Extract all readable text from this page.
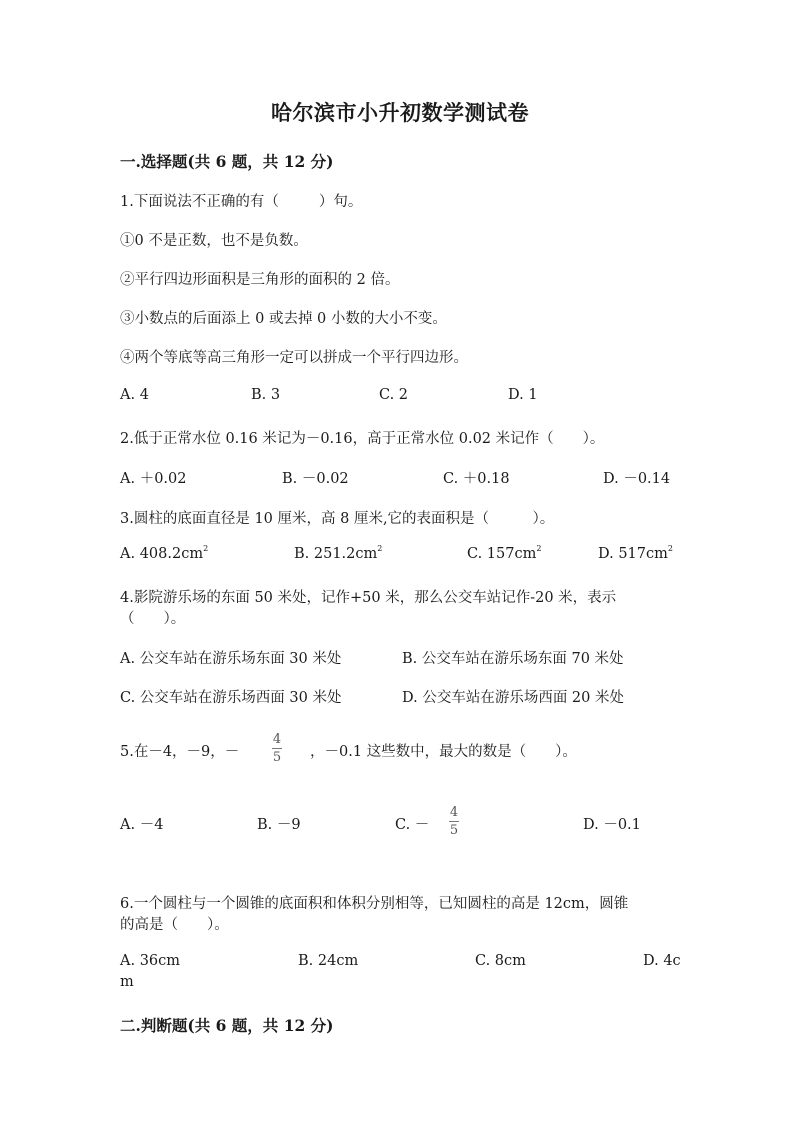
哈尔滨市小升初数学测试卷
一.选择题(共 6 题，共 12 分)
1.下面说法不正确的有（	）句。
①0 不是正数，也不是负数。
②平行四边形面积是三角形的面积的 2 倍。
③小数点的后面添上 0 或去掉 0 小数的大小不变。
④两个等底等高三角形一定可以拼成一个平行四边形。
A. 4	B. 3	C. 2	D. 1
2.低于正常水位 0.16 米记为－0.16，高于正常水位 0.02 米记作（　　）。
A. ＋0.02	B. －0.02	C. ＋0.18	D. －0.14
3.圆柱的底面直径是 10 厘米，高 8 厘米,它的表面积是（　　　）。
A. $408.2cm^2$	B. $251.2cm^2$	C. $157cm^2$	D. $517cm^2$
4.影院游乐场的东面 50 米处，记作+50 米，那么公交车站记作-20 米，表示
（　　）。
A. 公交车站在游乐场东面 30 米处	B. 公交车站在游乐场东面 70 米处
C. 公交车站在游乐场西面 30 米处	D. 公交车站在游乐场西面 20 米处
5.在－4，－9，－
4
5 ，－0.1 这些数中，最大的数是（　　）。
A. －4	B. －9	C. －
4
5	D. －0.1
6.一个圆柱与一个圆锥的底面积和体积分别相等，已知圆柱的高是 12cm，圆锥
的高是（　　）。
A. 36cm	B. 24cm	C. 8cm	D. 4c
m
二.判断题(共 6 题，共 12 分)
